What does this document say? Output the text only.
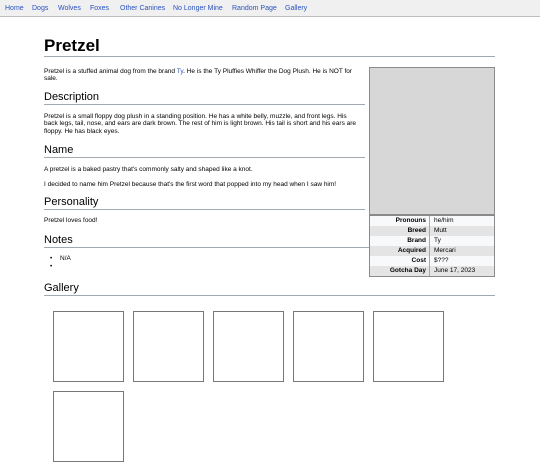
Home Dogs Wolves Foxes Other Canines No Longer Mine Random Page Gallery
Pretzel
Pretzel is a stuffed animal dog from the brand Ty. He is the Ty Pluffies Whiffer the Dog Plush. He is NOT for sale.
Description
Pretzel is a small floppy dog plush in a standing position. He has a white belly, muzzle, and front legs. His back legs, tail, nose, and ears are dark brown. The rest of him is light brown. His tail is short and his ears are floppy. He has black eyes.
Name
A pretzel is a baked pastry that's commonly salty and shaped like a knot.
I decided to name him Pretzel because that's the first word that popped into my head when I saw him!
Personality
Pretzel loves food!
Notes
• N/A
•
Gallery
Pronouns	he/him
Breed	Mutt
Brand	Ty
Acquired	Mercari
Cost	$???
Gotcha Day	June 17, 2023
